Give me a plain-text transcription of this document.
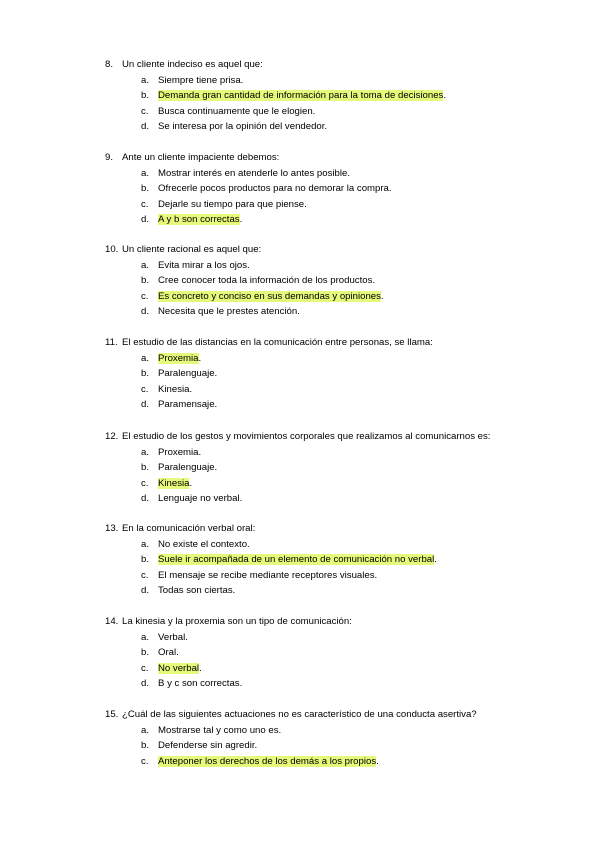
8. Un cliente indeciso es aquel que:
a. Siempre tiene prisa.
b. Demanda gran cantidad de información para la toma de decisiones.
c. Busca continuamente que le elogien.
d. Se interesa por la opinión del vendedor.
9. Ante un cliente impaciente debemos:
a. Mostrar interés en atenderle lo antes posible.
b. Ofrecerle pocos productos para no demorar la compra.
c. Dejarle su tiempo para que piense.
d. A y b son correctas.
10. Un cliente racional es aquel que:
a. Evita mirar a los ojos.
b. Cree conocer toda la información de los productos.
c. Es concreto y conciso en sus demandas y opiniones.
d. Necesita que le prestes atención.
11. El estudio de las distancias en la comunicación entre personas, se llama:
a. Proxemia.
b. Paralenguaje.
c. Kinesia.
d. Paramensaje.
12. El estudio de los gestos y movimientos corporales que realizamos al comunicarnos es:
a. Proxemia.
b. Paralenguaje.
c. Kinesia.
d. Lenguaje no verbal.
13. En la comunicación verbal oral:
a. No existe el contexto.
b. Suele ir acompañada de un elemento de comunicación no verbal.
c. El mensaje se recibe mediante receptores visuales.
d. Todas son ciertas.
14. La kinesia y la proxemia son un tipo de comunicación:
a. Verbal.
b. Oral.
c. No verbal.
d. B y c son correctas.
15. ¿Cuál de las siguientes actuaciones no es característico de una conducta asertiva?
a. Mostrarse tal y como uno es.
b. Defenderse sin agredir.
c. Anteponer los derechos de los demás a los propios.
